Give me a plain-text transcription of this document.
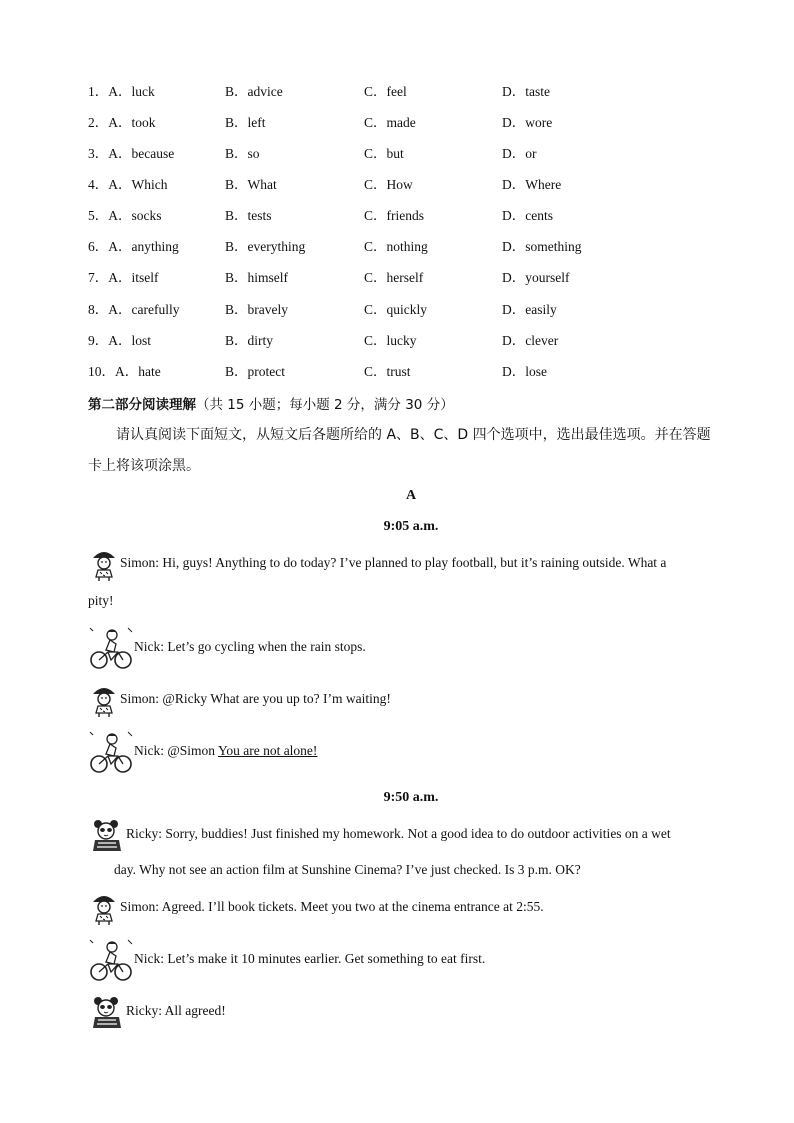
1．A．luck	B．advice	C．feel	D．taste
2．A．took	B．left	C．made	D．wore
3．A．because	B．so	C．but	D．or
4．A．Which	B．What	C．How	D．Where
5．A．socks	B．tests	C．friends	D．cents
6．A．anything	B．everything	C．nothing	D．something
7．A．itself	B．himself	C．herself	D．yourself
8．A．carefully	B．bravely	C．quickly	D．easily
9．A．lost	B．dirty	C．lucky	D．clever
10．A．hate	B．protect	C．trust	D．lose
第二部分阅读理解（共 15 小题；每小题 2 分，满分 30 分）
请认真阅读下面短文，从短文后各题所给的 A、B、C、D 四个选项中，选出最佳选项。并在答题卡上将该项涂黑。
A
9:05 a.m.
Simon: Hi, guys! Anything to do today? I’ve planned to play football, but it’s raining outside. What a
pity!
Nick: Let’s go cycling when the rain stops.
Simon: @Ricky What are you up to? I’m waiting!
Nick: @Simon You are not alone!
9:50 a.m.
Ricky: Sorry, buddies! Just finished my homework. Not a good idea to do outdoor activities on a wet
day. Why not see an action film at Sunshine Cinema? I’ve just checked. Is 3 p.m. OK?
Simon: Agreed. I’ll book tickets. Meet you two at the cinema entrance at 2:55.
Nick: Let’s make it 10 minutes earlier. Get something to eat first.
Ricky: All agreed!
